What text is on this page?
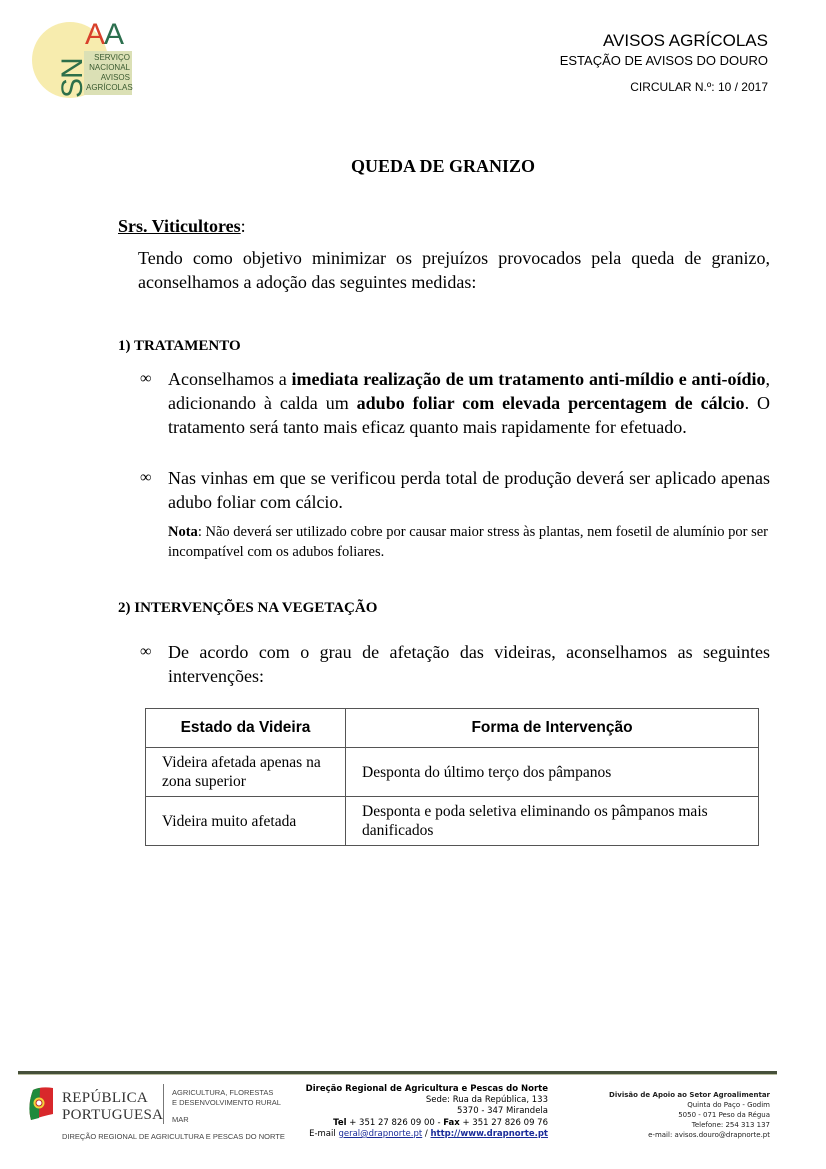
AA
SN
SERVIÇO
NACIONAL
AVISOS
AGRÍCOLAS
AVISOS AGRÍCOLAS
ESTAÇÃO DE AVISOS DO DOURO
CIRCULAR N.º: 10 / 2017
QUEDA DE GRANIZO
Srs. Viticultores:
Tendo como objetivo minimizar os prejuízos provocados pela queda de granizo, aconselhamos a adoção das seguintes medidas:
1) TRATAMENTO
∞ Aconselhamos a imediata realização de um tratamento anti-míldio e anti-oídio, adicionando à calda um adubo foliar com elevada percentagem de cálcio. O tratamento será tanto mais eficaz quanto mais rapidamente for efetuado.
∞ Nas vinhas em que se verificou perda total de produção deverá ser aplicado apenas adubo foliar com cálcio.
Nota: Não deverá ser utilizado cobre por causar maior stress às plantas, nem fosetil de alumínio por ser incompatível com os adubos foliares.
2) INTERVENÇÕES NA VEGETAÇÃO
∞ De acordo com o grau de afetação das videiras, aconselhamos as seguintes intervenções:
Estado da Videira	Forma de Intervenção
Videira afetada apenas na zona superior	Desponta do último terço dos pâmpanos
Videira muito afetada	Desponta e poda seletiva eliminando os pâmpanos mais danificados
REPÚBLICA
PORTUGUESA
AGRICULTURA, FLORESTAS
E DESENVOLVIMENTO RURAL
MAR
DIREÇÃO REGIONAL DE AGRICULTURA E PESCAS DO NORTE
Direção Regional de Agricultura e Pescas do Norte
Sede: Rua da República, 133
5370 - 347 Mirandela
Tel + 351 27 826 09 00 - Fax + 351 27 826 09 76
E-mail geral@drapnorte.pt / http://www.drapnorte.pt
Divisão de Apoio ao Setor Agroalimentar
Quinta do Paço - Godim
5050 - 071 Peso da Régua
Telefone: 254 313 137
e-mail: avisos.douro@drapnorte.pt
